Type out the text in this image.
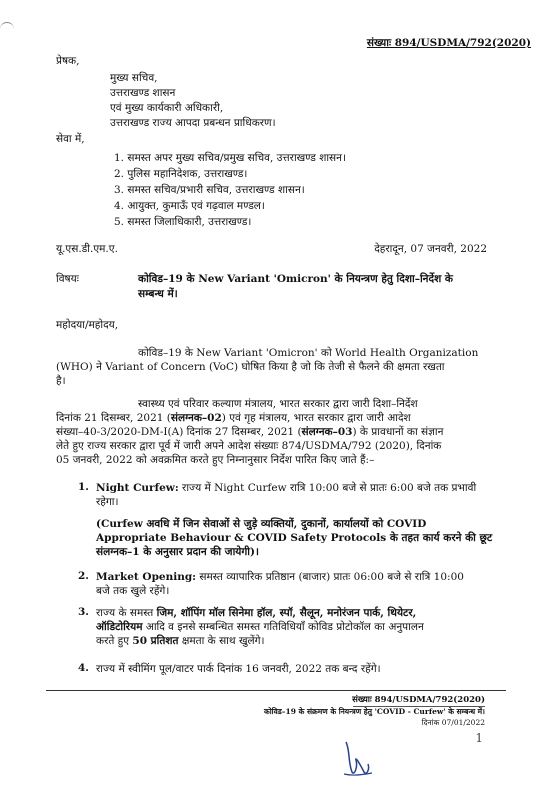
संख्याः 894/USDMA/792(2020)
प्रेषक,
मुख्य सचिव,
उत्तराखण्ड शासन
एवं मुख्य कार्यकारी अधिकारी,
उत्तराखण्ड राज्य आपदा प्रबन्धन प्राधिकरण।
सेवा में,
1. समस्त अपर मुख्य सचिव/प्रमुख सचिव, उत्तराखण्ड शासन।
2. पुलिस महानिदेशक, उत्तराखण्ड।
3. समस्त सचिव/प्रभारी सचिव, उत्तराखण्ड शासन।
4. आयुक्त, कुमाऊँ एवं गढ़वाल मण्डल।
5. समस्त जिलाधिकारी, उत्तराखण्ड।
यू.एस.डी.एम.ए.	देहरादून, 07 जनवरी, 2022
विषयः	कोविड–19 के New Variant 'Omicron' के नियन्त्रण हेतु दिशा–निर्देश के
सम्बन्ध में।
महोदया/महोदय,
कोविड–19 के New Variant 'Omicron' को World Health Organization
(WHO) ने Variant of Concern (VoC) घोषित किया है जो कि तेजी से फैलने की क्षमता रखता
है।
स्वास्थ्य एवं परिवार कल्याण मंत्रालय, भारत सरकार द्वारा जारी दिशा–निर्देश
दिनांक 21 दिसम्बर, 2021 (संलग्नक–02) एवं गृह मंत्रालय, भारत सरकार द्वारा जारी आदेश
संख्या–40-3/2020-DM-I(A) दिनांक 27 दिसम्बर, 2021 (संलग्नक–03) के प्रावधानों का संज्ञान
लेते हुए राज्य सरकार द्वारा पूर्व में जारी अपने आदेश संख्याः 874/USDMA/792 (2020), दिनांक
05 जनवरी, 2022 को अवक्रमित करते हुए निम्नानुसार निर्देश पारित किए जाते हैं:–
1. Night Curfew: राज्य में Night Curfew रात्रि 10:00 बजे से प्रातः 6:00 बजे तक प्रभावी
रहेगा।
(Curfew अवधि में जिन सेवाओं से जुड़े व्यक्तियों, दुकानों, कार्यालयों को COVID
Appropriate Behaviour & COVID Safety Protocols के तहत कार्य करने की छूट
संलग्नक–1 के अनुसार प्रदान की जायेगी)।
2. Market Opening: समस्त व्यापारिक प्रतिष्ठान (बाजार) प्रातः 06:00 बजे से रात्रि 10:00
बजे तक खुले रहेंगे।
3. राज्य के समस्त जिम, शॉपिंग मॉल सिनेमा हॉल, स्पॉ, सैलून, मनोरंजन पार्क, थियेटर,
ऑडिटोरियम आदि व इनसे सम्बन्धित समस्त गतिविधियाँ कोविड प्रोटोकॉल का अनुपालन
करते हुए 50 प्रतिशत क्षमता के साथ खुलेंगे।
4. राज्य में स्वीमिंग पूल/वाटर पार्क दिनांक 16 जनवरी, 2022 तक बन्द रहेंगे।
संख्याः 894/USDMA/792(2020)
कोविड–19 के संक्रमण के नियन्त्रण हेतु 'COVID - Curfew' के सम्बन्ध में।
दिनांक 07/01/2022
1
